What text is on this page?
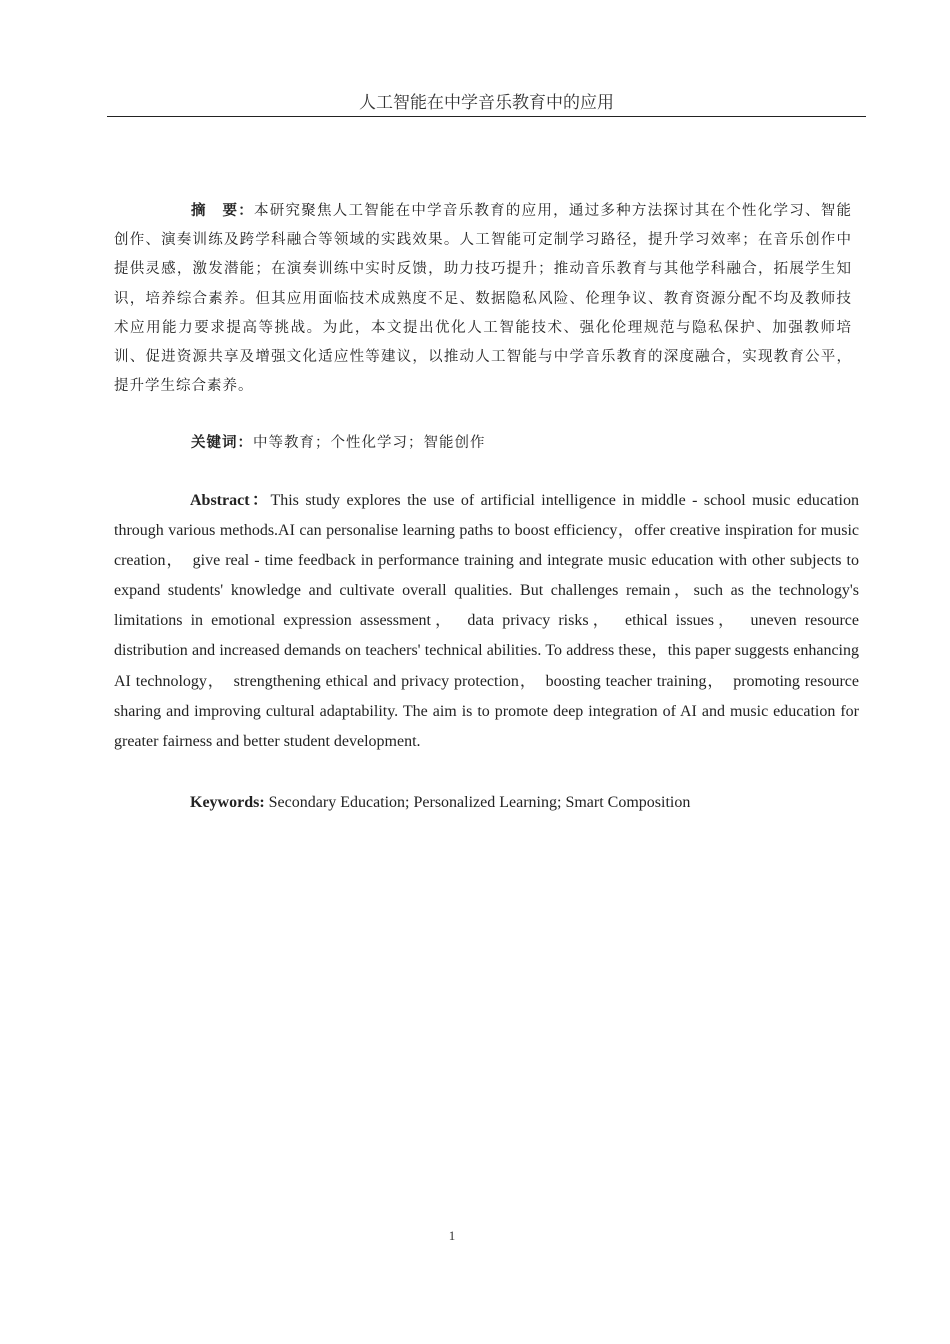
人工智能在中学音乐教育中的应用

摘　要：本研究聚焦人工智能在中学音乐教育的应用，通过多种方法探讨其在个性化学习、智能创作、演奏训练及跨学科融合等领域的实践效果。人工智能可定制学习路径，提升学习效率；在音乐创作中提供灵感，激发潜能；在演奏训练中实时反馈，助力技巧提升；推动音乐教育与其他学科融合，拓展学生知识，培养综合素养。但其应用面临技术成熟度不足、数据隐私风险、伦理争议、教育资源分配不均及教师技术应用能力要求提高等挑战。为此，本文提出优化人工智能技术、强化伦理规范与隐私保护、加强教师培训、促进资源共享及增强文化适应性等建议，以推动人工智能与中学音乐教育的深度融合，实现教育公平，提升学生综合素养。

关键词：中等教育；个性化学习；智能创作

Abstract：This study explores the use of artificial intelligence in middle - school music education through various methods.AI can personalise learning paths to boost efficiency，offer creative inspiration for music creation，　give real - time feedback in performance training and integrate music education with other subjects to expand students' knowledge and cultivate overall qualities. But challenges remain，such as the technology's limitations in emotional expression assessment，　data privacy risks，　ethical issues，　uneven resource distribution and increased demands on teachers' technical abilities. To address these，this paper suggests enhancing AI technology，　strengthening ethical and privacy protection，　boosting teacher training，　promoting resource sharing and improving cultural adaptability. The aim is to promote deep integration of AI and music education for greater fairness and better student development.

Keywords: Secondary Education; Personalized Learning; Smart Composition

1
